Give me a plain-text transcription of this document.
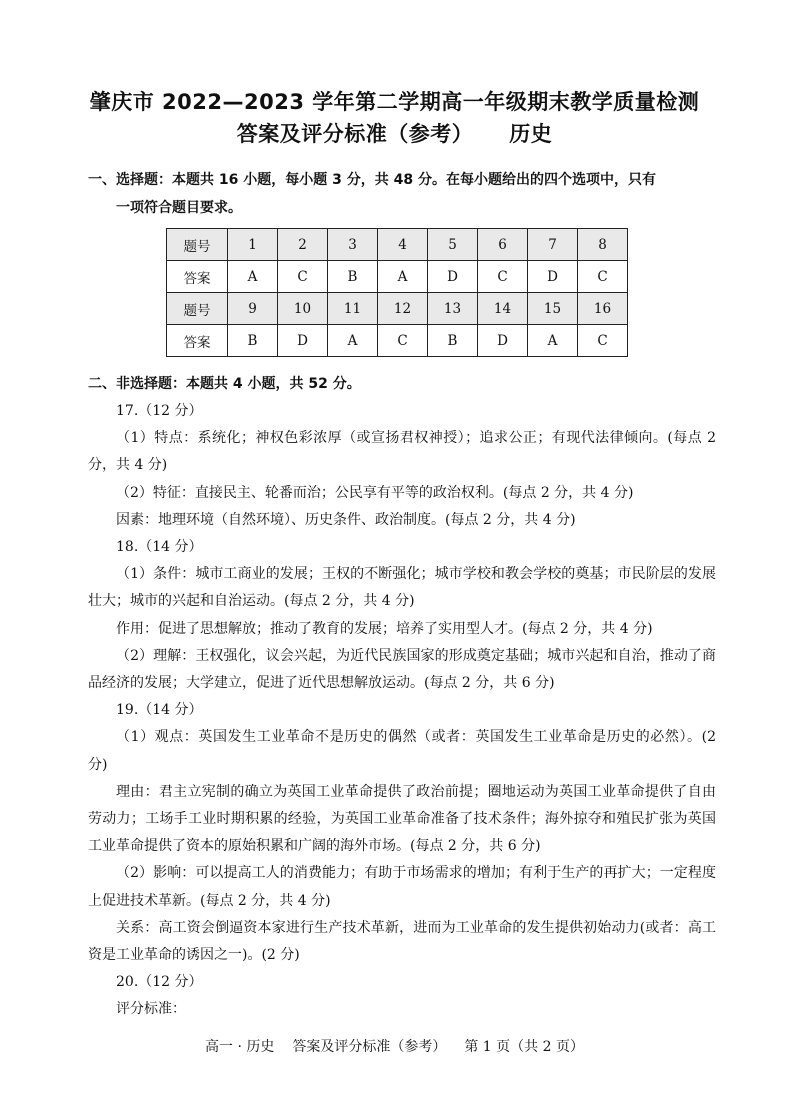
肇庆市 2022—2023 学年第二学期高一年级期末教学质量检测
答案及评分标准（参考） 历史
一、选择题：本题共 16 小题，每小题 3 分，共 48 分。在每小题给出的四个选项中，只有
一项符合题目要求。
题号	1	2	3	4	5	6	7	8
答案	A	C	B	A	D	C	D	C
题号	9	10	11	12	13	14	15	16
答案	B	D	A	C	B	D	A	C
二、非选择题：本题共 4 小题，共 52 分。

17.（12 分）

（1）特点：系统化；神权色彩浓厚（或宣扬君权神授）；追求公正；有现代法律倾向。(每点 2 分，共 4 分)

（2）特征：直接民主、轮番而治；公民享有平等的政治权利。(每点 2 分，共 4 分)

因素：地理环境（自然环境）、历史条件、政治制度。(每点 2 分，共 4 分)

18.（14 分）

（1）条件：城市工商业的发展；王权的不断强化；城市学校和教会学校的奠基；市民阶层的发展壮大；城市的兴起和自治运动。(每点 2 分，共 4 分)

作用：促进了思想解放；推动了教育的发展；培养了实用型人才。(每点 2 分，共 4 分)

（2）理解：王权强化，议会兴起，为近代民族国家的形成奠定基础；城市兴起和自治，推动了商品经济的发展；大学建立，促进了近代思想解放运动。(每点 2 分，共 6 分)

19.（14 分）

（1）观点：英国发生工业革命不是历史的偶然（或者：英国发生工业革命是历史的必然）。(2 分)

理由：君主立宪制的确立为英国工业革命提供了政治前提；圈地运动为英国工业革命提供了自由劳动力；工场手工业时期积累的经验，为英国工业革命准备了技术条件；海外掠夺和殖民扩张为英国工业革命提供了资本的原始积累和广阔的海外市场。(每点 2 分，共 6 分)

（2）影响：可以提高工人的消费能力；有助于市场需求的增加；有利于生产的再扩大；一定程度上促进技术革新。(每点 2 分，共 4 分)

关系：高工资会倒逼资本家进行生产技术革新，进而为工业革命的发生提供初始动力(或者：高工资是工业革命的诱因之一)。(2 分)

20.（12 分）

评分标准：

高一 · 历史 答案及评分标准（参考） 第 1 页（共 2 页）
